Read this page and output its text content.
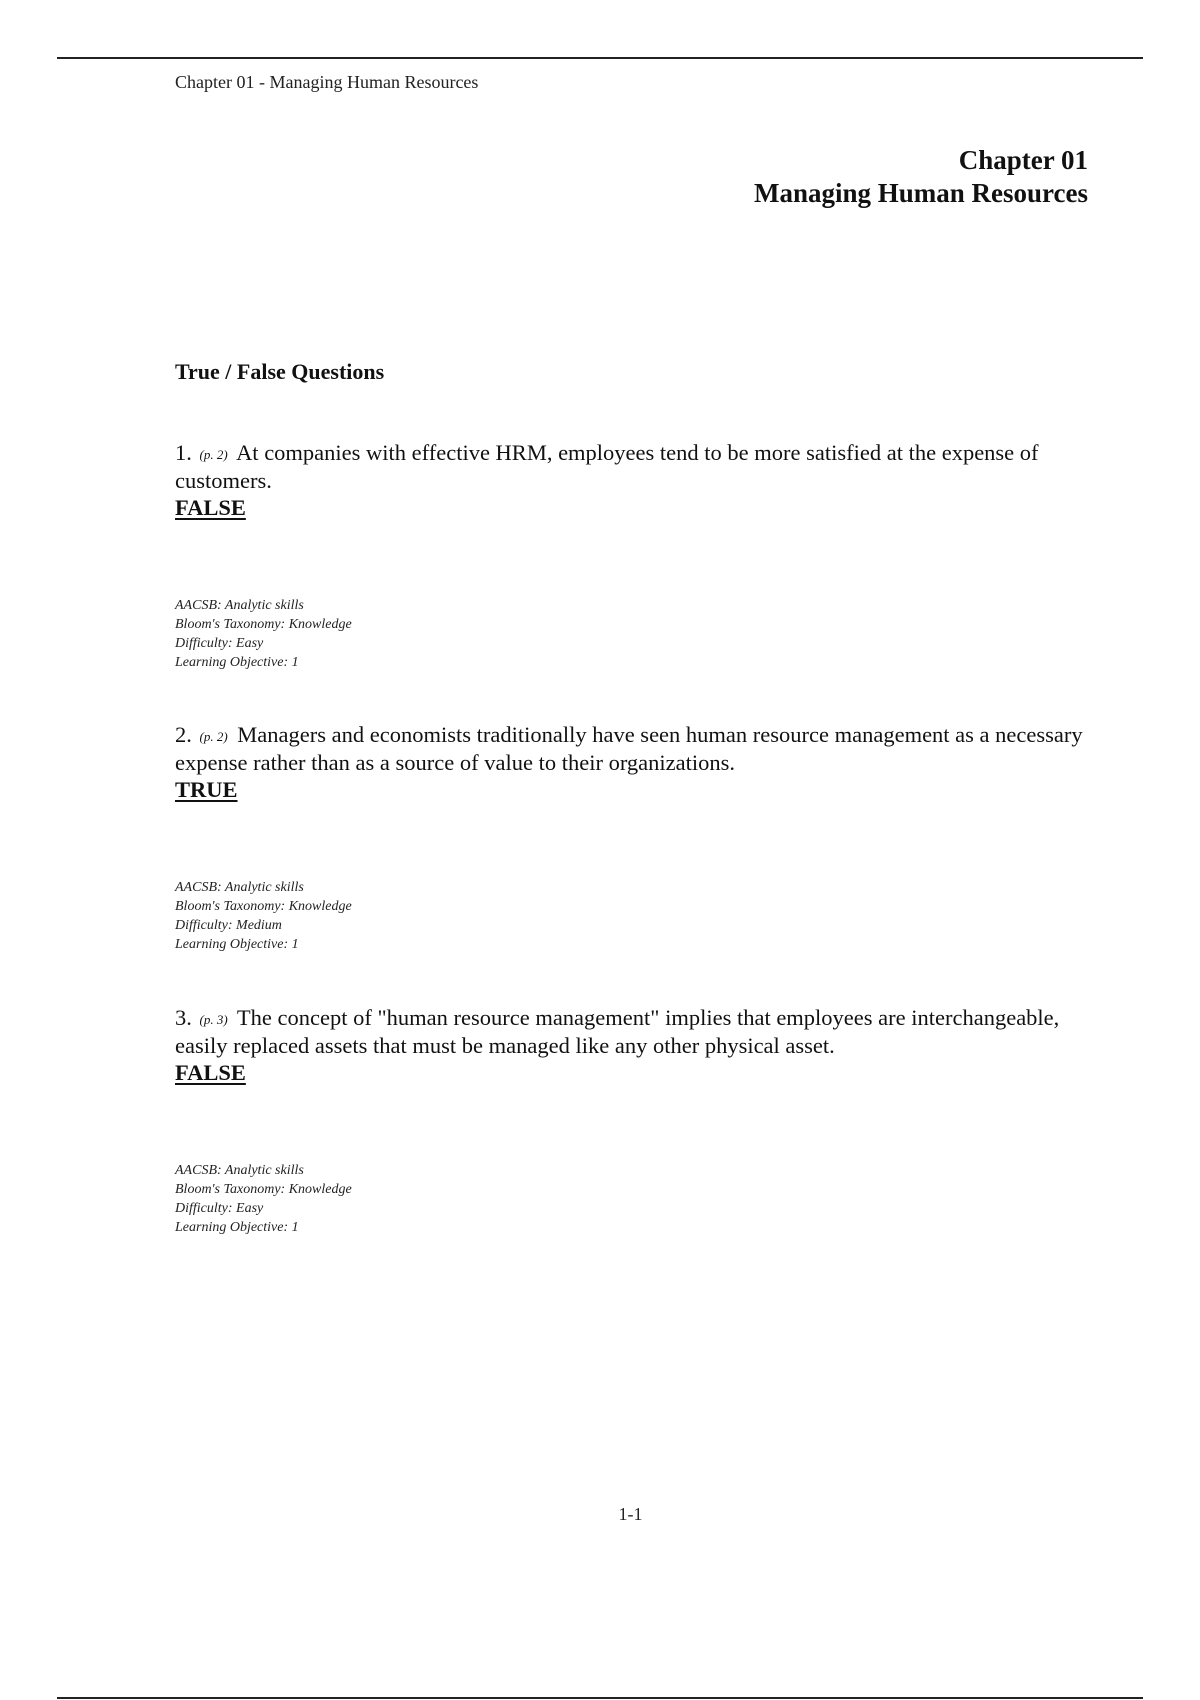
Chapter 01 - Managing Human Resources
Chapter 01
Managing Human Resources
True / False Questions
1. (p. 2) At companies with effective HRM, employees tend to be more satisfied at the expense of customers.
FALSE
AACSB: Analytic skills
Bloom's Taxonomy: Knowledge
Difficulty: Easy
Learning Objective: 1
2. (p. 2) Managers and economists traditionally have seen human resource management as a necessary expense rather than as a source of value to their organizations.
TRUE
AACSB: Analytic skills
Bloom's Taxonomy: Knowledge
Difficulty: Medium
Learning Objective: 1
3. (p. 3) The concept of "human resource management" implies that employees are interchangeable, easily replaced assets that must be managed like any other physical asset.
FALSE
AACSB: Analytic skills
Bloom's Taxonomy: Knowledge
Difficulty: Easy
Learning Objective: 1
1-1
